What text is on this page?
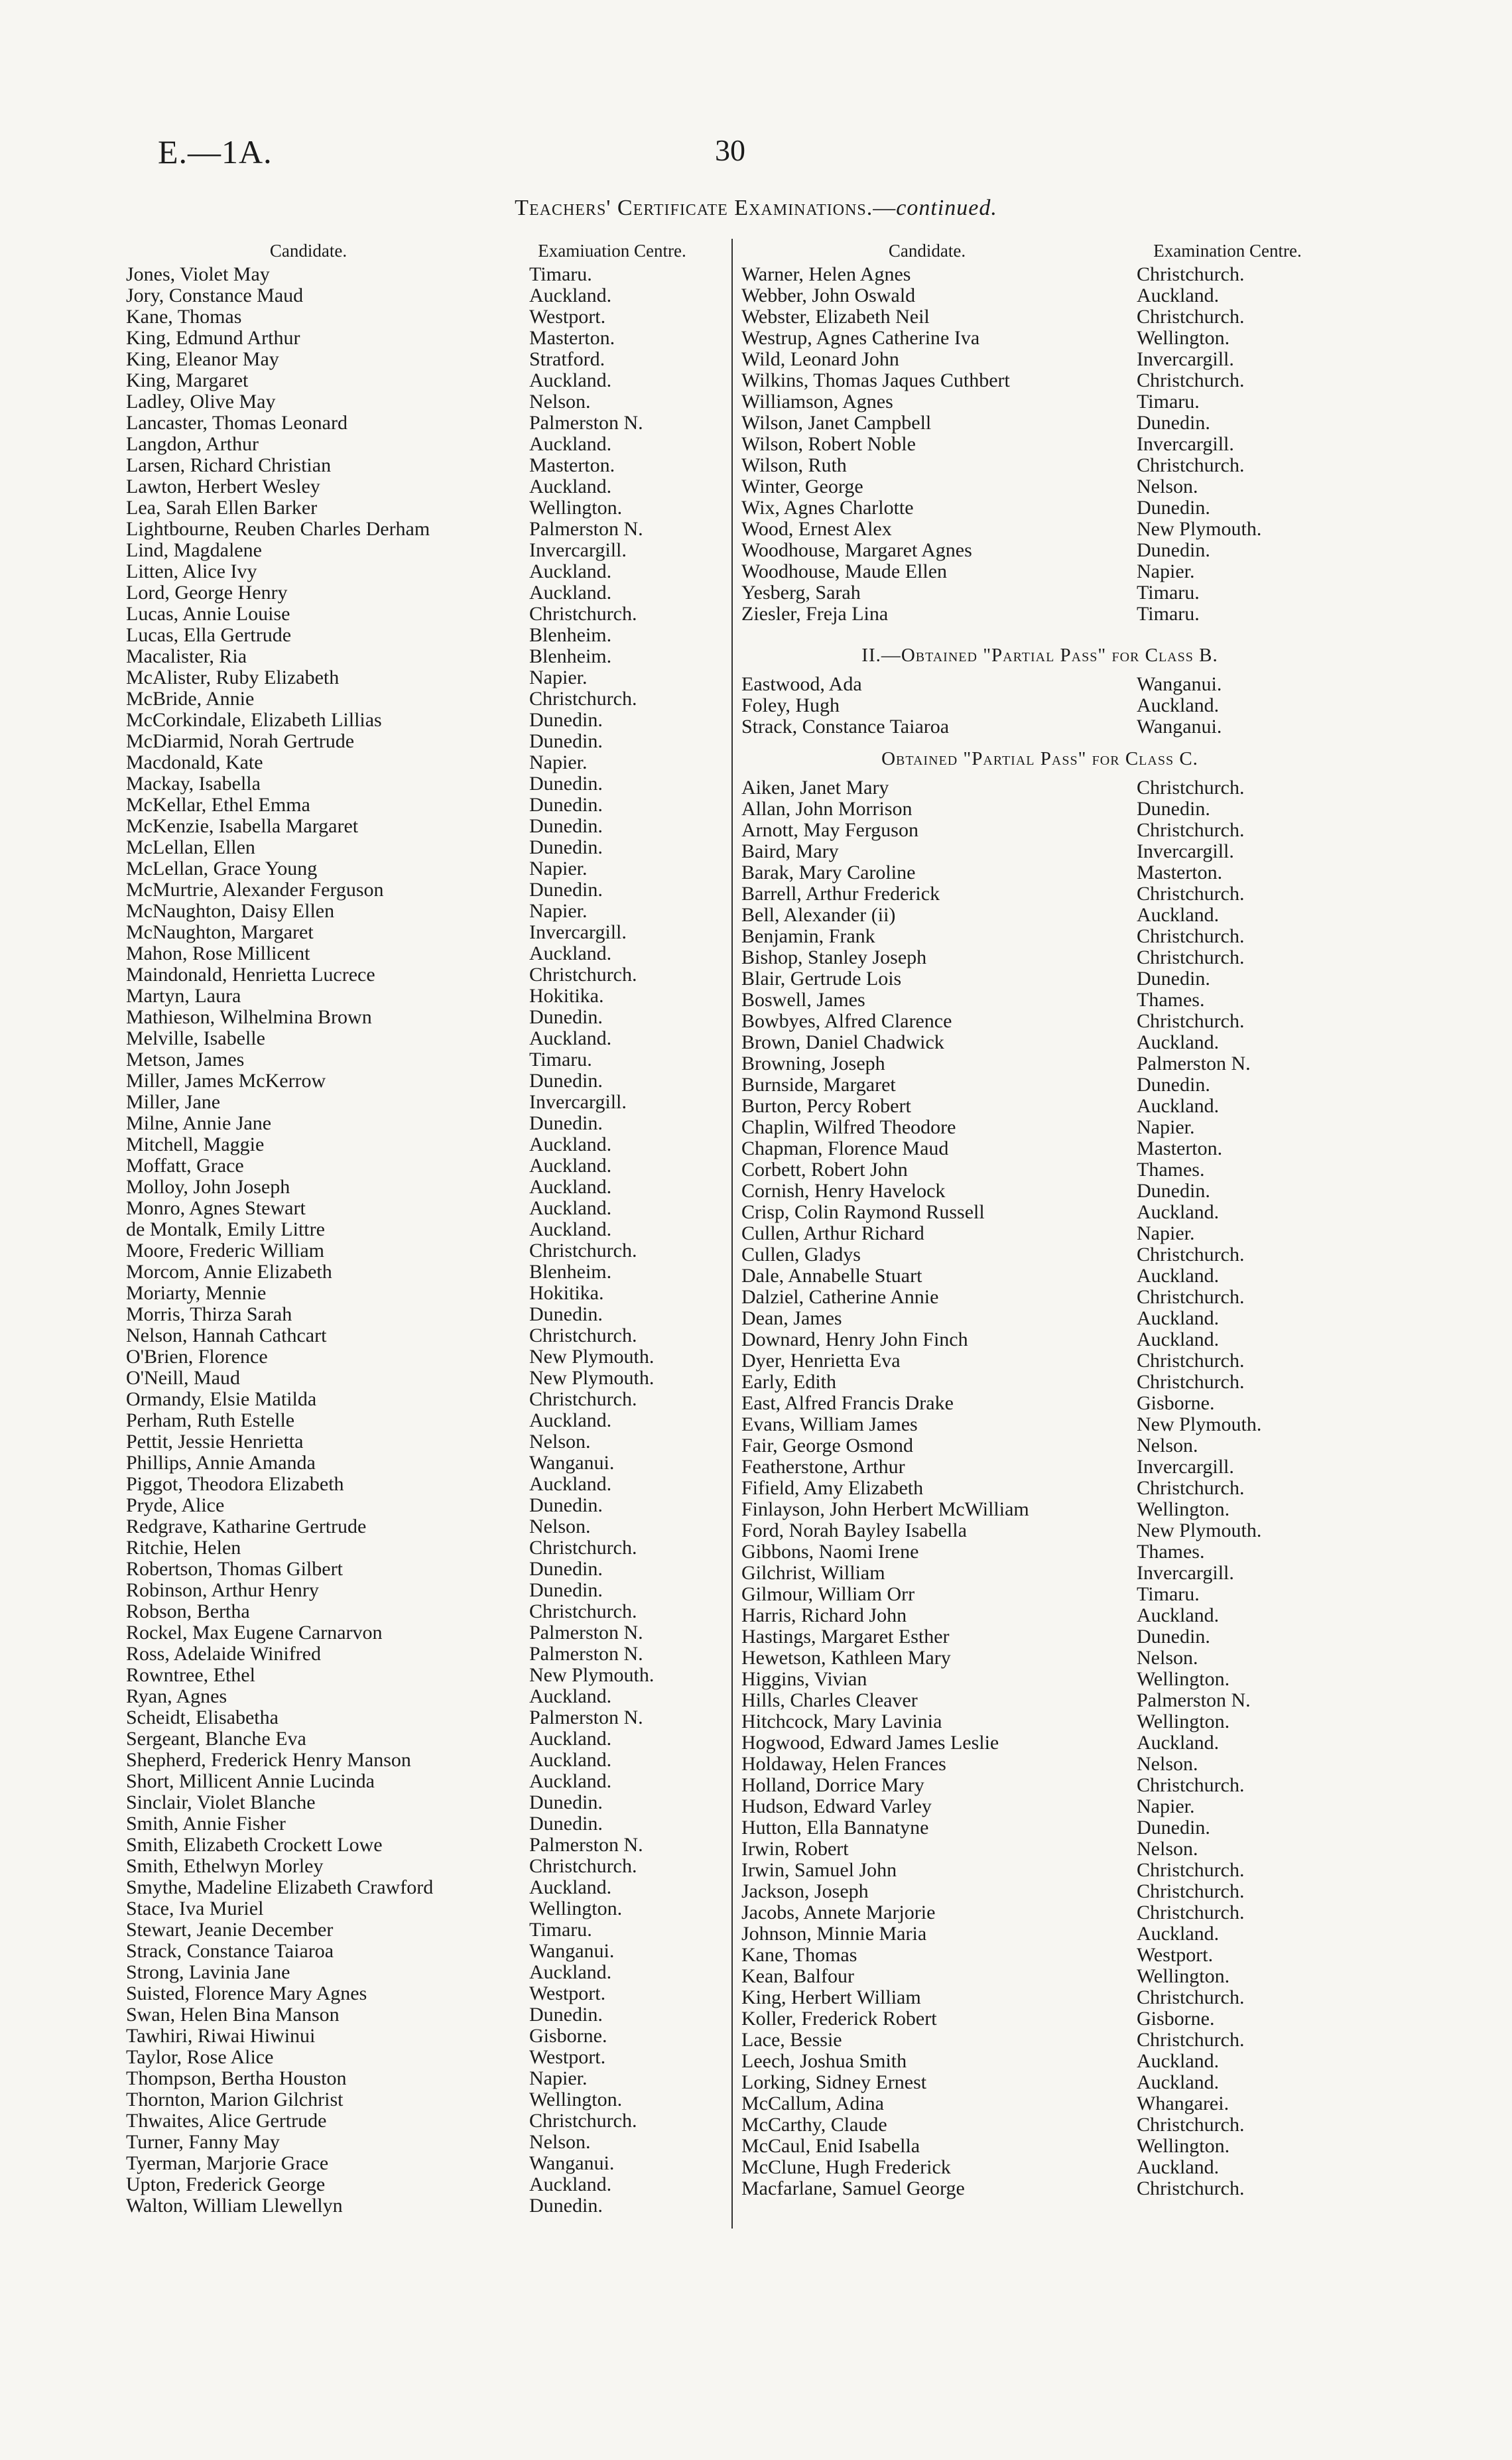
E.—1A.	30
Teachers' Certificate Examinations.—continued.
Candidate.	Examiuation Centre.
Jones, Violet May	Timaru.
Jory, Constance Maud	Auckland.
Kane, Thomas	Westport.
King, Edmund Arthur	Masterton.
King, Eleanor May	Stratford.
King, Margaret	Auckland.
Ladley, Olive May	Nelson.
Lancaster, Thomas Leonard	Palmerston N.
Langdon, Arthur	Auckland.
Larsen, Richard Christian	Masterton.
Lawton, Herbert Wesley	Auckland.
Lea, Sarah Ellen Barker	Wellington.
Lightbourne, Reuben Charles Derham	Palmerston N.
Lind, Magdalene	Invercargill.
Litten, Alice Ivy	Auckland.
Lord, George Henry	Auckland.
Lucas, Annie Louise	Christchurch.
Lucas, Ella Gertrude	Blenheim.
Macalister, Ria	Blenheim.
McAlister, Ruby Elizabeth	Napier.
McBride, Annie	Christchurch.
McCorkindale, Elizabeth Lillias	Dunedin.
McDiarmid, Norah Gertrude	Dunedin.
Macdonald, Kate	Napier.
Mackay, Isabella	Dunedin.
McKellar, Ethel Emma	Dunedin.
McKenzie, Isabella Margaret	Dunedin.
McLellan, Ellen	Dunedin.
McLellan, Grace Young	Napier.
McMurtrie, Alexander Ferguson	Dunedin.
McNaughton, Daisy Ellen	Napier.
McNaughton, Margaret	Invercargill.
Mahon, Rose Millicent	Auckland.
Maindonald, Henrietta Lucrece	Christchurch.
Martyn, Laura	Hokitika.
Mathieson, Wilhelmina Brown	Dunedin.
Melville, Isabelle	Auckland.
Metson, James	Timaru.
Miller, James McKerrow	Dunedin.
Miller, Jane	Invercargill.
Milne, Annie Jane	Dunedin.
Mitchell, Maggie	Auckland.
Moffatt, Grace	Auckland.
Molloy, John Joseph	Auckland.
Monro, Agnes Stewart	Auckland.
de Montalk, Emily Littre	Auckland.
Moore, Frederic William	Christchurch.
Morcom, Annie Elizabeth	Blenheim.
Moriarty, Mennie	Hokitika.
Morris, Thirza Sarah	Dunedin.
Nelson, Hannah Cathcart	Christchurch.
O'Brien, Florence	New Plymouth.
O'Neill, Maud	New Plymouth.
Ormandy, Elsie Matilda	Christchurch.
Perham, Ruth Estelle	Auckland.
Pettit, Jessie Henrietta	Nelson.
Phillips, Annie Amanda	Wanganui.
Piggot, Theodora Elizabeth	Auckland.
Pryde, Alice	Dunedin.
Redgrave, Katharine Gertrude	Nelson.
Ritchie, Helen	Christchurch.
Robertson, Thomas Gilbert	Dunedin.
Robinson, Arthur Henry	Dunedin.
Robson, Bertha	Christchurch.
Rockel, Max Eugene Carnarvon	Palmerston N.
Ross, Adelaide Winifred	Palmerston N.
Rowntree, Ethel	New Plymouth.
Ryan, Agnes	Auckland.
Scheidt, Elisabetha	Palmerston N.
Sergeant, Blanche Eva	Auckland.
Shepherd, Frederick Henry Manson	Auckland.
Short, Millicent Annie Lucinda	Auckland.
Sinclair, Violet Blanche	Dunedin.
Smith, Annie Fisher	Dunedin.
Smith, Elizabeth Crockett Lowe	Palmerston N.
Smith, Ethelwyn Morley	Christchurch.
Smythe, Madeline Elizabeth Crawford	Auckland.
Stace, Iva Muriel	Wellington.
Stewart, Jeanie December	Timaru.
Strack, Constance Taiaroa	Wanganui.
Strong, Lavinia Jane	Auckland.
Suisted, Florence Mary Agnes	Westport.
Swan, Helen Bina Manson	Dunedin.
Tawhiri, Riwai Hiwinui	Gisborne.
Taylor, Rose Alice	Westport.
Thompson, Bertha Houston	Napier.
Thornton, Marion Gilchrist	Wellington.
Thwaites, Alice Gertrude	Christchurch.
Turner, Fanny May	Nelson.
Tyerman, Marjorie Grace	Wanganui.
Upton, Frederick George	Auckland.
Walton, William Llewellyn	Dunedin.
Candidate.	Examination Centre.
Warner, Helen Agnes	Christchurch.
Webber, John Oswald	Auckland.
Webster, Elizabeth Neil	Christchurch.
Westrup, Agnes Catherine Iva	Wellington.
Wild, Leonard John	Invercargill.
Wilkins, Thomas Jaques Cuthbert	Christchurch.
Williamson, Agnes	Timaru.
Wilson, Janet Campbell	Dunedin.
Wilson, Robert Noble	Invercargill.
Wilson, Ruth	Christchurch.
Winter, George	Nelson.
Wix, Agnes Charlotte	Dunedin.
Wood, Ernest Alex	New Plymouth.
Woodhouse, Margaret Agnes	Dunedin.
Woodhouse, Maude Ellen	Napier.
Yesberg, Sarah	Timaru.
Ziesler, Freja Lina	Timaru.
II.—Obtained "Partial Pass" for Class B.
Eastwood, Ada	Wanganui.
Foley, Hugh	Auckland.
Strack, Constance Taiaroa	Wanganui.
Obtained "Partial Pass" for Class C.
Aiken, Janet Mary	Christchurch.
Allan, John Morrison	Dunedin.
Arnott, May Ferguson	Christchurch.
Baird, Mary	Invercargill.
Barak, Mary Caroline	Masterton.
Barrell, Arthur Frederick	Christchurch.
Bell, Alexander (ii)	Auckland.
Benjamin, Frank	Christchurch.
Bishop, Stanley Joseph	Christchurch.
Blair, Gertrude Lois	Dunedin.
Boswell, James	Thames.
Bowbyes, Alfred Clarence	Christchurch.
Brown, Daniel Chadwick	Auckland.
Browning, Joseph	Palmerston N.
Burnside, Margaret	Dunedin.
Burton, Percy Robert	Auckland.
Chaplin, Wilfred Theodore	Napier.
Chapman, Florence Maud	Masterton.
Corbett, Robert John	Thames.
Cornish, Henry Havelock	Dunedin.
Crisp, Colin Raymond Russell	Auckland.
Cullen, Arthur Richard	Napier.
Cullen, Gladys	Christchurch.
Dale, Annabelle Stuart	Auckland.
Dalziel, Catherine Annie	Christchurch.
Dean, James	Auckland.
Downard, Henry John Finch	Auckland.
Dyer, Henrietta Eva	Christchurch.
Early, Edith	Christchurch.
East, Alfred Francis Drake	Gisborne.
Evans, William James	New Plymouth.
Fair, George Osmond	Nelson.
Featherstone, Arthur	Invercargill.
Fifield, Amy Elizabeth	Christchurch.
Finlayson, John Herbert McWilliam	Wellington.
Ford, Norah Bayley Isabella	New Plymouth.
Gibbons, Naomi Irene	Thames.
Gilchrist, William	Invercargill.
Gilmour, William Orr	Timaru.
Harris, Richard John	Auckland.
Hastings, Margaret Esther	Dunedin.
Hewetson, Kathleen Mary	Nelson.
Higgins, Vivian	Wellington.
Hills, Charles Cleaver	Palmerston N.
Hitchcock, Mary Lavinia	Wellington.
Hogwood, Edward James Leslie	Auckland.
Holdaway, Helen Frances	Nelson.
Holland, Dorrice Mary	Christchurch.
Hudson, Edward Varley	Napier.
Hutton, Ella Bannatyne	Dunedin.
Irwin, Robert	Nelson.
Irwin, Samuel John	Christchurch.
Jackson, Joseph	Christchurch.
Jacobs, Annete Marjorie	Christchurch.
Johnson, Minnie Maria	Auckland.
Kane, Thomas	Westport.
Kean, Balfour	Wellington.
King, Herbert William	Christchurch.
Koller, Frederick Robert	Gisborne.
Lace, Bessie	Christchurch.
Leech, Joshua Smith	Auckland.
Lorking, Sidney Ernest	Auckland.
McCallum, Adina	Whangarei.
McCarthy, Claude	Christchurch.
McCaul, Enid Isabella	Wellington.
McClune, Hugh Frederick	Auckland.
Macfarlane, Samuel George	Christchurch.
